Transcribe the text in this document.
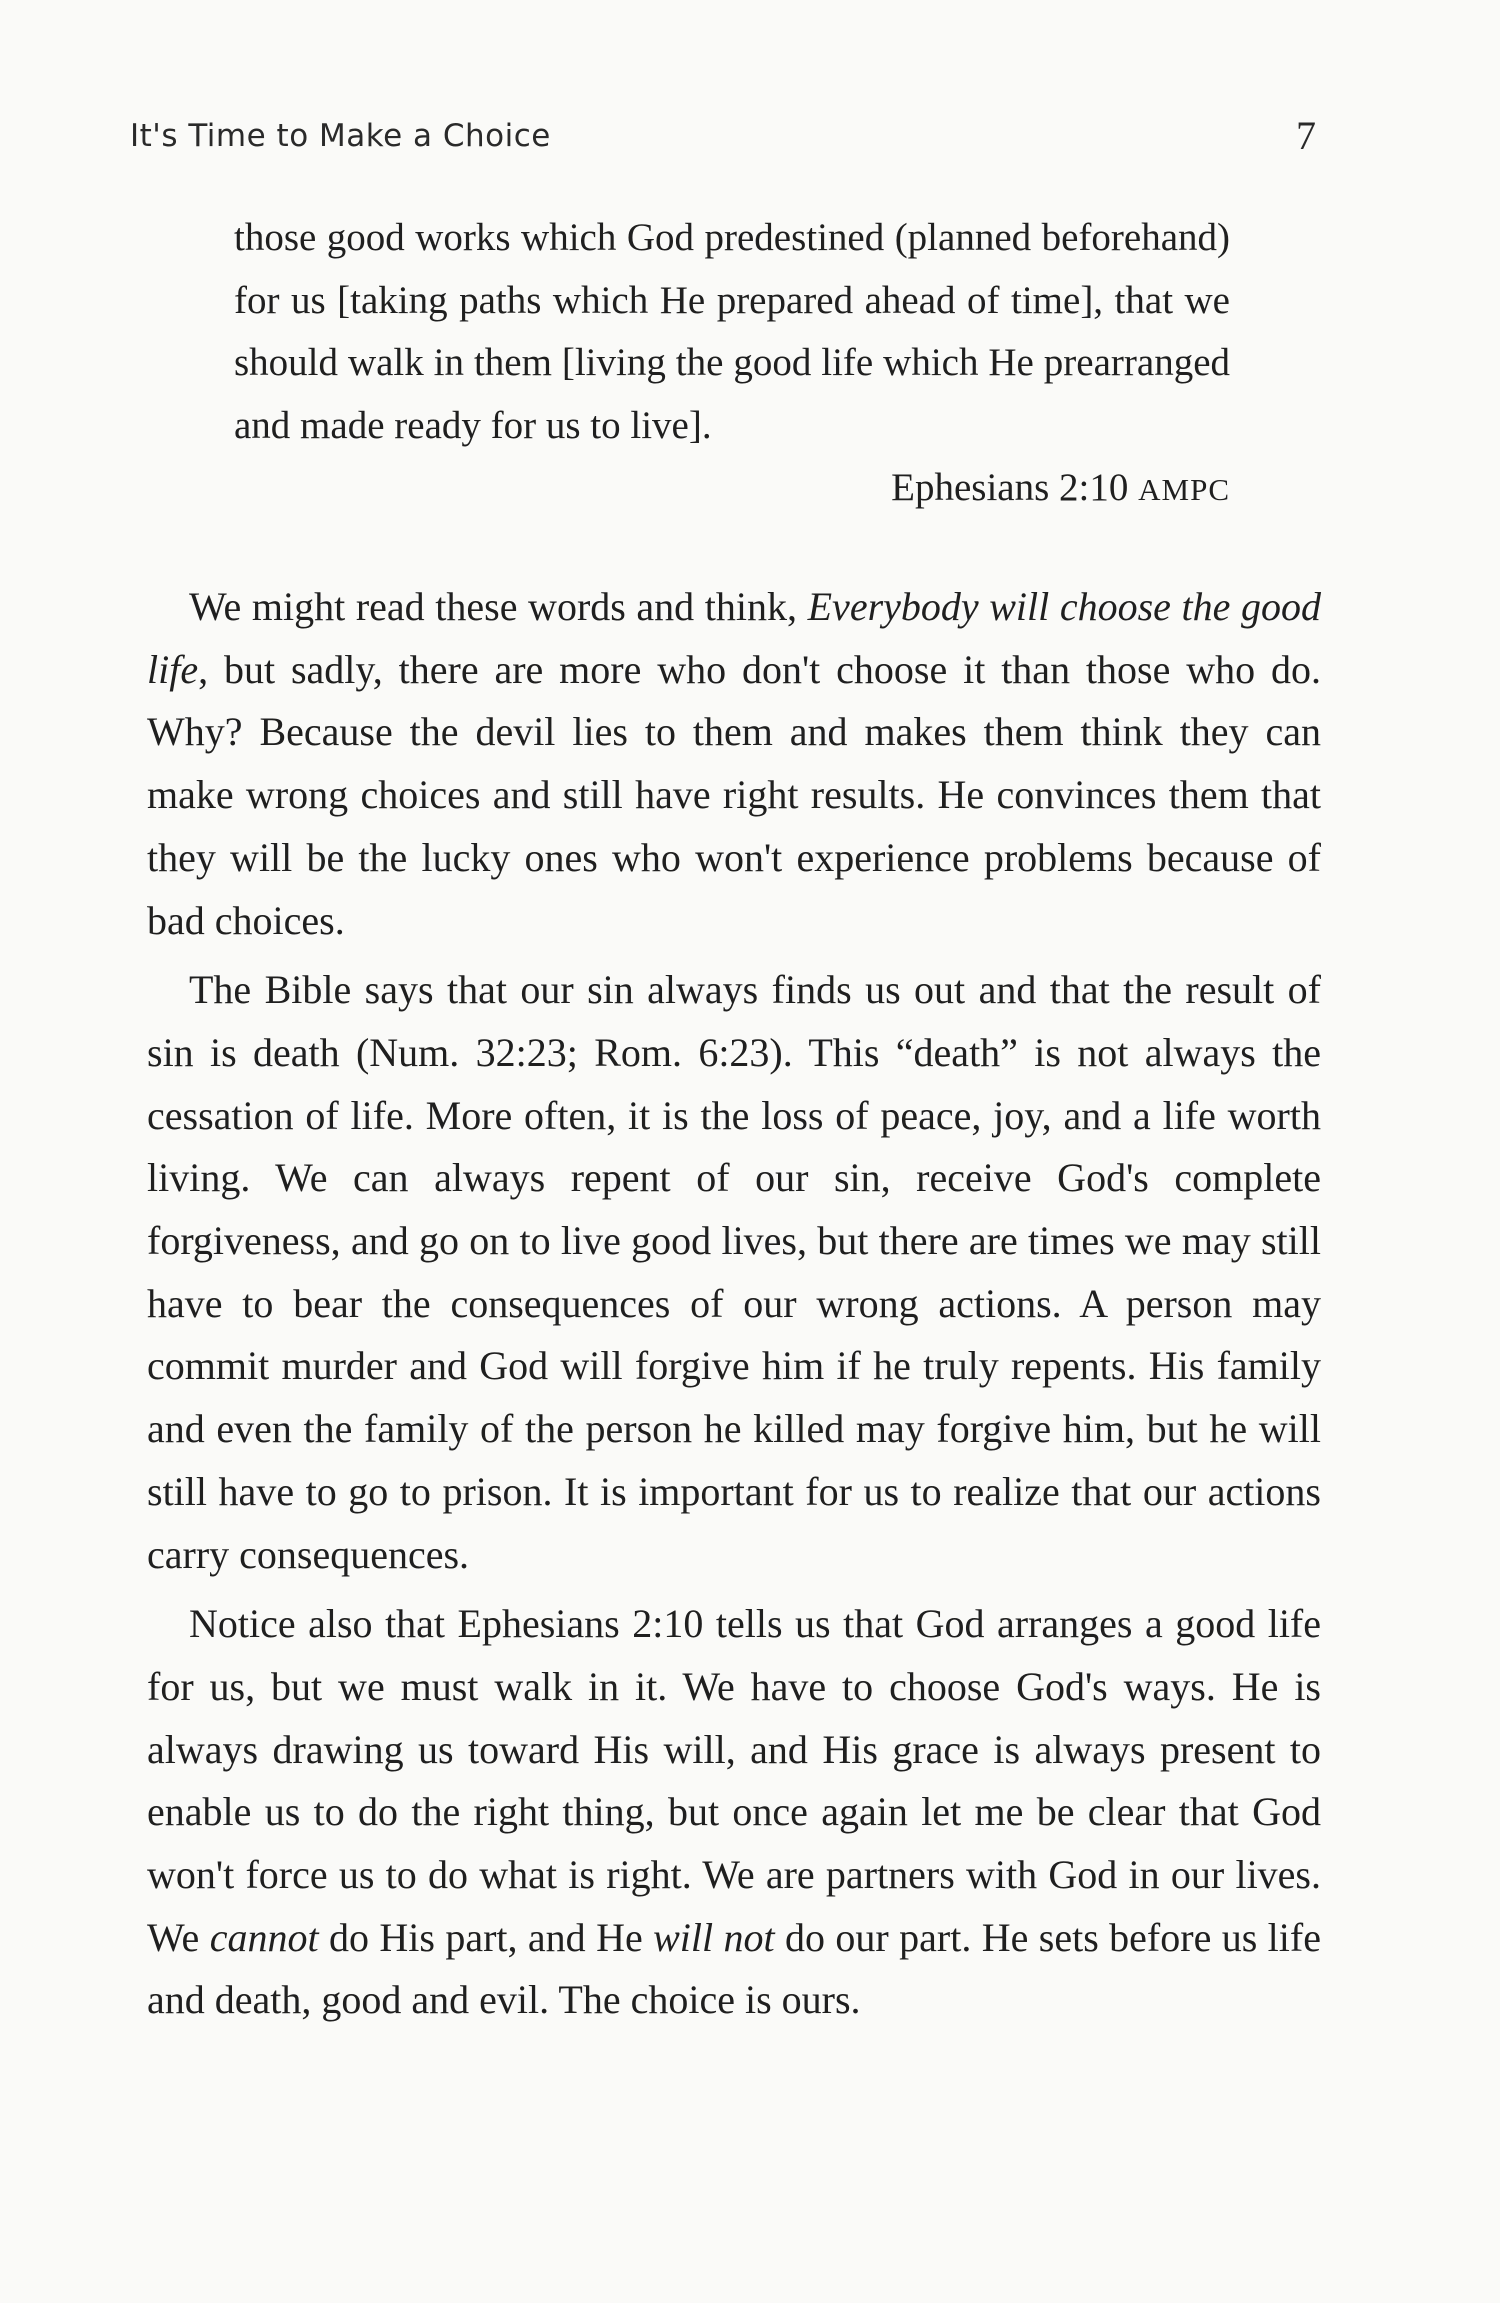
It's Time to Make a Choice	7

those good works which God predestined (planned beforehand) for us [taking paths which He prepared ahead of time], that we should walk in them [living the good life which He prearranged and made ready for us to live].

Ephesians 2:10 AMPC

We might read these words and think, Everybody will choose the good life, but sadly, there are more who don't choose it than those who do. Why? Because the devil lies to them and makes them think they can make wrong choices and still have right results. He convinces them that they will be the lucky ones who won't experience problems because of bad choices.

The Bible says that our sin always finds us out and that the result of sin is death (Num. 32:23; Rom. 6:23). This “death” is not always the cessation of life. More often, it is the loss of peace, joy, and a life worth living. We can always repent of our sin, receive God's complete forgiveness, and go on to live good lives, but there are times we may still have to bear the consequences of our wrong actions. A person may commit murder and God will forgive him if he truly repents. His family and even the family of the person he killed may forgive him, but he will still have to go to prison. It is important for us to realize that our actions carry consequences.

Notice also that Ephesians 2:10 tells us that God arranges a good life for us, but we must walk in it. We have to choose God's ways. He is always drawing us toward His will, and His grace is always present to enable us to do the right thing, but once again let me be clear that God won't force us to do what is right. We are partners with God in our lives. We cannot do His part, and He will not do our part. He sets before us life and death, good and evil. The choice is ours.
